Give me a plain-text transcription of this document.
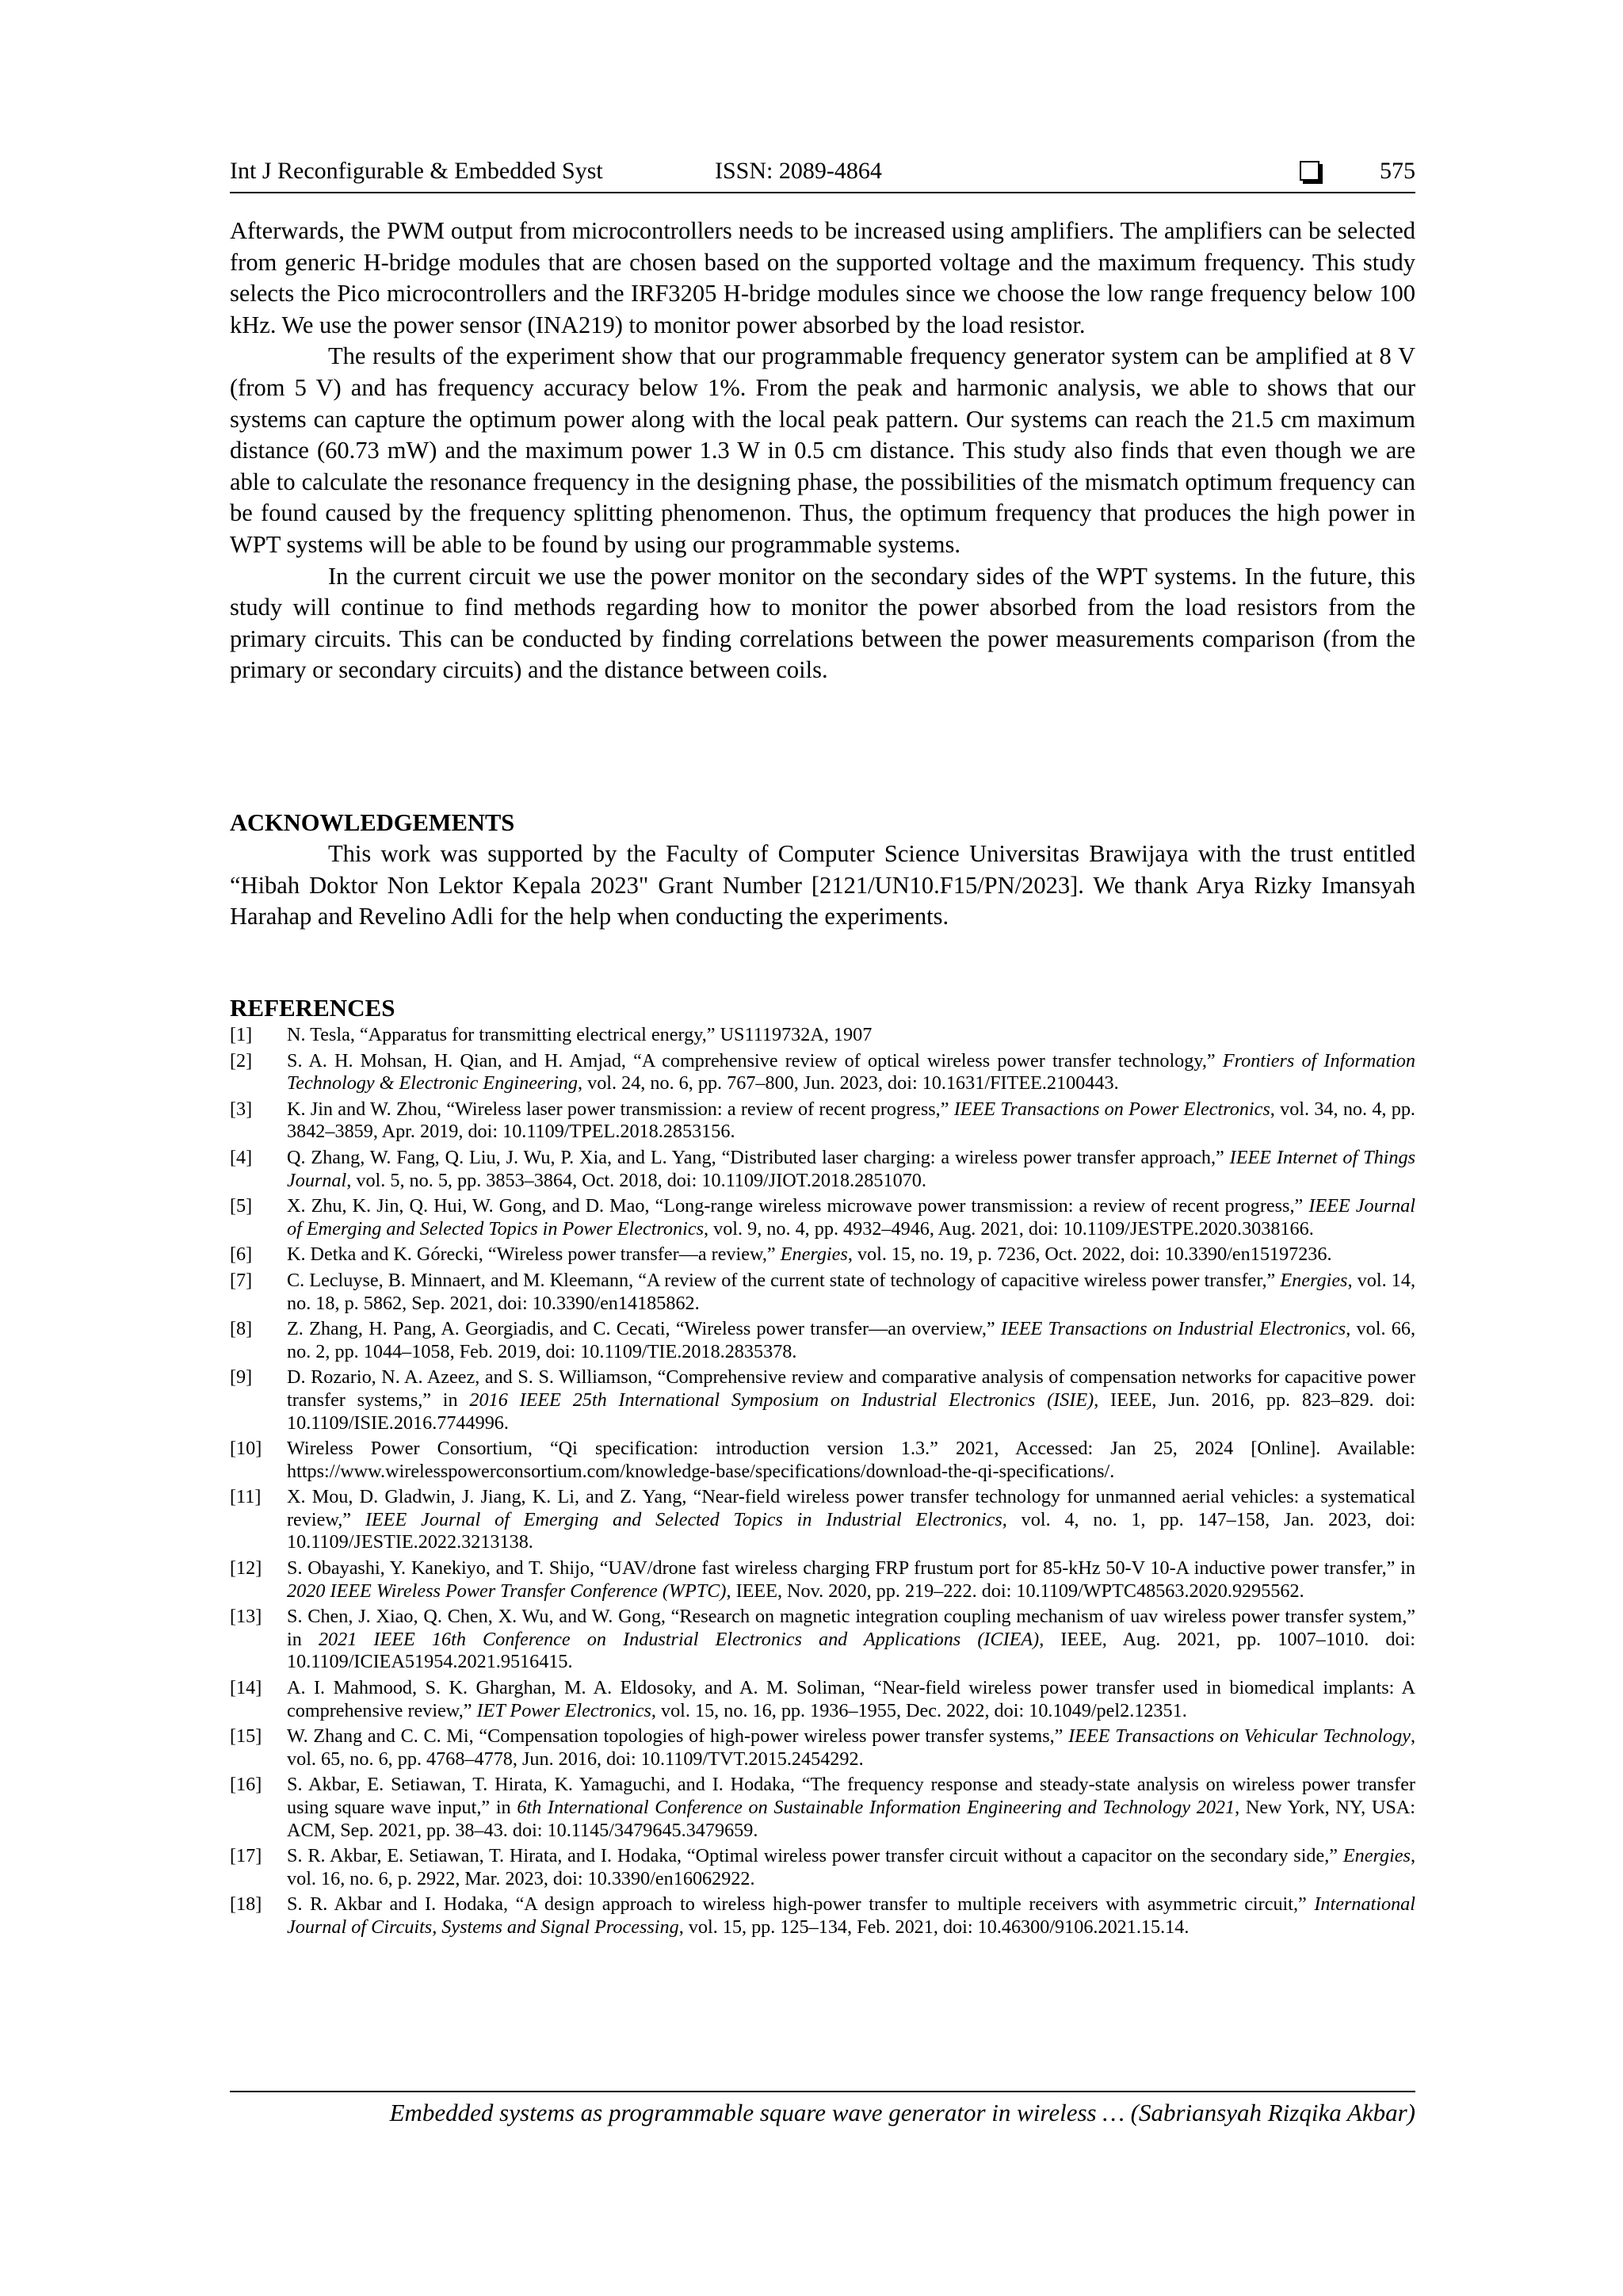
Int J Reconfigurable & Embedded Syst	ISSN: 2089-4864	575

Afterwards, the PWM output from microcontrollers needs to be increased using amplifiers. The amplifiers can be selected from generic H-bridge modules that are chosen based on the supported voltage and the maximum frequency. This study selects the Pico microcontrollers and the IRF3205 H-bridge modules since we choose the low range frequency below 100 kHz. We use the power sensor (INA219) to monitor power absorbed by the load resistor.

The results of the experiment show that our programmable frequency generator system can be amplified at 8 V (from 5 V) and has frequency accuracy below 1%. From the peak and harmonic analysis, we able to shows that our systems can capture the optimum power along with the local peak pattern. Our systems can reach the 21.5 cm maximum distance (60.73 mW) and the maximum power 1.3 W in 0.5 cm distance. This study also finds that even though we are able to calculate the resonance frequency in the designing phase, the possibilities of the mismatch optimum frequency can be found caused by the frequency splitting phenomenon. Thus, the optimum frequency that produces the high power in WPT systems will be able to be found by using our programmable systems.

In the current circuit we use the power monitor on the secondary sides of the WPT systems. In the future, this study will continue to find methods regarding how to monitor the power absorbed from the load resistors from the primary circuits. This can be conducted by finding correlations between the power measurements comparison (from the primary or secondary circuits) and the distance between coils.

ACKNOWLEDGEMENTS

This work was supported by the Faculty of Computer Science Universitas Brawijaya with the trust entitled “Hibah Doktor Non Lektor Kepala 2023" Grant Number [2121/UN10.F15/PN/2023]. We thank Arya Rizky Imansyah Harahap and Revelino Adli for the help when conducting the experiments.

REFERENCES
[1] N. Tesla, “Apparatus for transmitting electrical energy,” US1119732A, 1907
[2] S. A. H. Mohsan, H. Qian, and H. Amjad, “A comprehensive review of optical wireless power transfer technology,” Frontiers of Information Technology & Electronic Engineering, vol. 24, no. 6, pp. 767–800, Jun. 2023, doi: 10.1631/FITEE.2100443.
[3] K. Jin and W. Zhou, “Wireless laser power transmission: a review of recent progress,” IEEE Transactions on Power Electronics, vol. 34, no. 4, pp. 3842–3859, Apr. 2019, doi: 10.1109/TPEL.2018.2853156.
[4] Q. Zhang, W. Fang, Q. Liu, J. Wu, P. Xia, and L. Yang, “Distributed laser charging: a wireless power transfer approach,” IEEE Internet of Things Journal, vol. 5, no. 5, pp. 3853–3864, Oct. 2018, doi: 10.1109/JIOT.2018.2851070.
[5] X. Zhu, K. Jin, Q. Hui, W. Gong, and D. Mao, “Long-range wireless microwave power transmission: a review of recent progress,” IEEE Journal of Emerging and Selected Topics in Power Electronics, vol. 9, no. 4, pp. 4932–4946, Aug. 2021, doi: 10.1109/JESTPE.2020.3038166.
[6] K. Detka and K. Górecki, “Wireless power transfer—a review,” Energies, vol. 15, no. 19, p. 7236, Oct. 2022, doi: 10.3390/en15197236.
[7] C. Lecluyse, B. Minnaert, and M. Kleemann, “A review of the current state of technology of capacitive wireless power transfer,” Energies, vol. 14, no. 18, p. 5862, Sep. 2021, doi: 10.3390/en14185862.
[8] Z. Zhang, H. Pang, A. Georgiadis, and C. Cecati, “Wireless power transfer—an overview,” IEEE Transactions on Industrial Electronics, vol. 66, no. 2, pp. 1044–1058, Feb. 2019, doi: 10.1109/TIE.2018.2835378.
[9] D. Rozario, N. A. Azeez, and S. S. Williamson, “Comprehensive review and comparative analysis of compensation networks for capacitive power transfer systems,” in 2016 IEEE 25th International Symposium on Industrial Electronics (ISIE), IEEE, Jun. 2016, pp. 823–829. doi: 10.1109/ISIE.2016.7744996.
[10] Wireless Power Consortium, “Qi specification: introduction version 1.3.” 2021, Accessed: Jan 25, 2024 [Online]. Available: https://www.wirelesspowerconsortium.com/knowledge-base/specifications/download-the-qi-specifications/.
[11] X. Mou, D. Gladwin, J. Jiang, K. Li, and Z. Yang, “Near-field wireless power transfer technology for unmanned aerial vehicles: a systematical review,” IEEE Journal of Emerging and Selected Topics in Industrial Electronics, vol. 4, no. 1, pp. 147–158, Jan. 2023, doi: 10.1109/JESTIE.2022.3213138.
[12] S. Obayashi, Y. Kanekiyo, and T. Shijo, “UAV/drone fast wireless charging FRP frustum port for 85-kHz 50-V 10-A inductive power transfer,” in 2020 IEEE Wireless Power Transfer Conference (WPTC), IEEE, Nov. 2020, pp. 219–222. doi: 10.1109/WPTC48563.2020.9295562.
[13] S. Chen, J. Xiao, Q. Chen, X. Wu, and W. Gong, “Research on magnetic integration coupling mechanism of uav wireless power transfer system,” in 2021 IEEE 16th Conference on Industrial Electronics and Applications (ICIEA), IEEE, Aug. 2021, pp. 1007–1010. doi: 10.1109/ICIEA51954.2021.9516415.
[14] A. I. Mahmood, S. K. Gharghan, M. A. Eldosoky, and A. M. Soliman, “Near-field wireless power transfer used in biomedical implants: A comprehensive review,” IET Power Electronics, vol. 15, no. 16, pp. 1936–1955, Dec. 2022, doi: 10.1049/pel2.12351.
[15] W. Zhang and C. C. Mi, “Compensation topologies of high-power wireless power transfer systems,” IEEE Transactions on Vehicular Technology, vol. 65, no. 6, pp. 4768–4778, Jun. 2016, doi: 10.1109/TVT.2015.2454292.
[16] S. Akbar, E. Setiawan, T. Hirata, K. Yamaguchi, and I. Hodaka, “The frequency response and steady-state analysis on wireless power transfer using square wave input,” in 6th International Conference on Sustainable Information Engineering and Technology 2021, New York, NY, USA: ACM, Sep. 2021, pp. 38–43. doi: 10.1145/3479645.3479659.
[17] S. R. Akbar, E. Setiawan, T. Hirata, and I. Hodaka, “Optimal wireless power transfer circuit without a capacitor on the secondary side,” Energies, vol. 16, no. 6, p. 2922, Mar. 2023, doi: 10.3390/en16062922.
[18] S. R. Akbar and I. Hodaka, “A design approach to wireless high-power transfer to multiple receivers with asymmetric circuit,” International Journal of Circuits, Systems and Signal Processing, vol. 15, pp. 125–134, Feb. 2021, doi: 10.46300/9106.2021.15.14.
Embedded systems as programmable square wave generator in wireless … (Sabriansyah Rizqika Akbar)
